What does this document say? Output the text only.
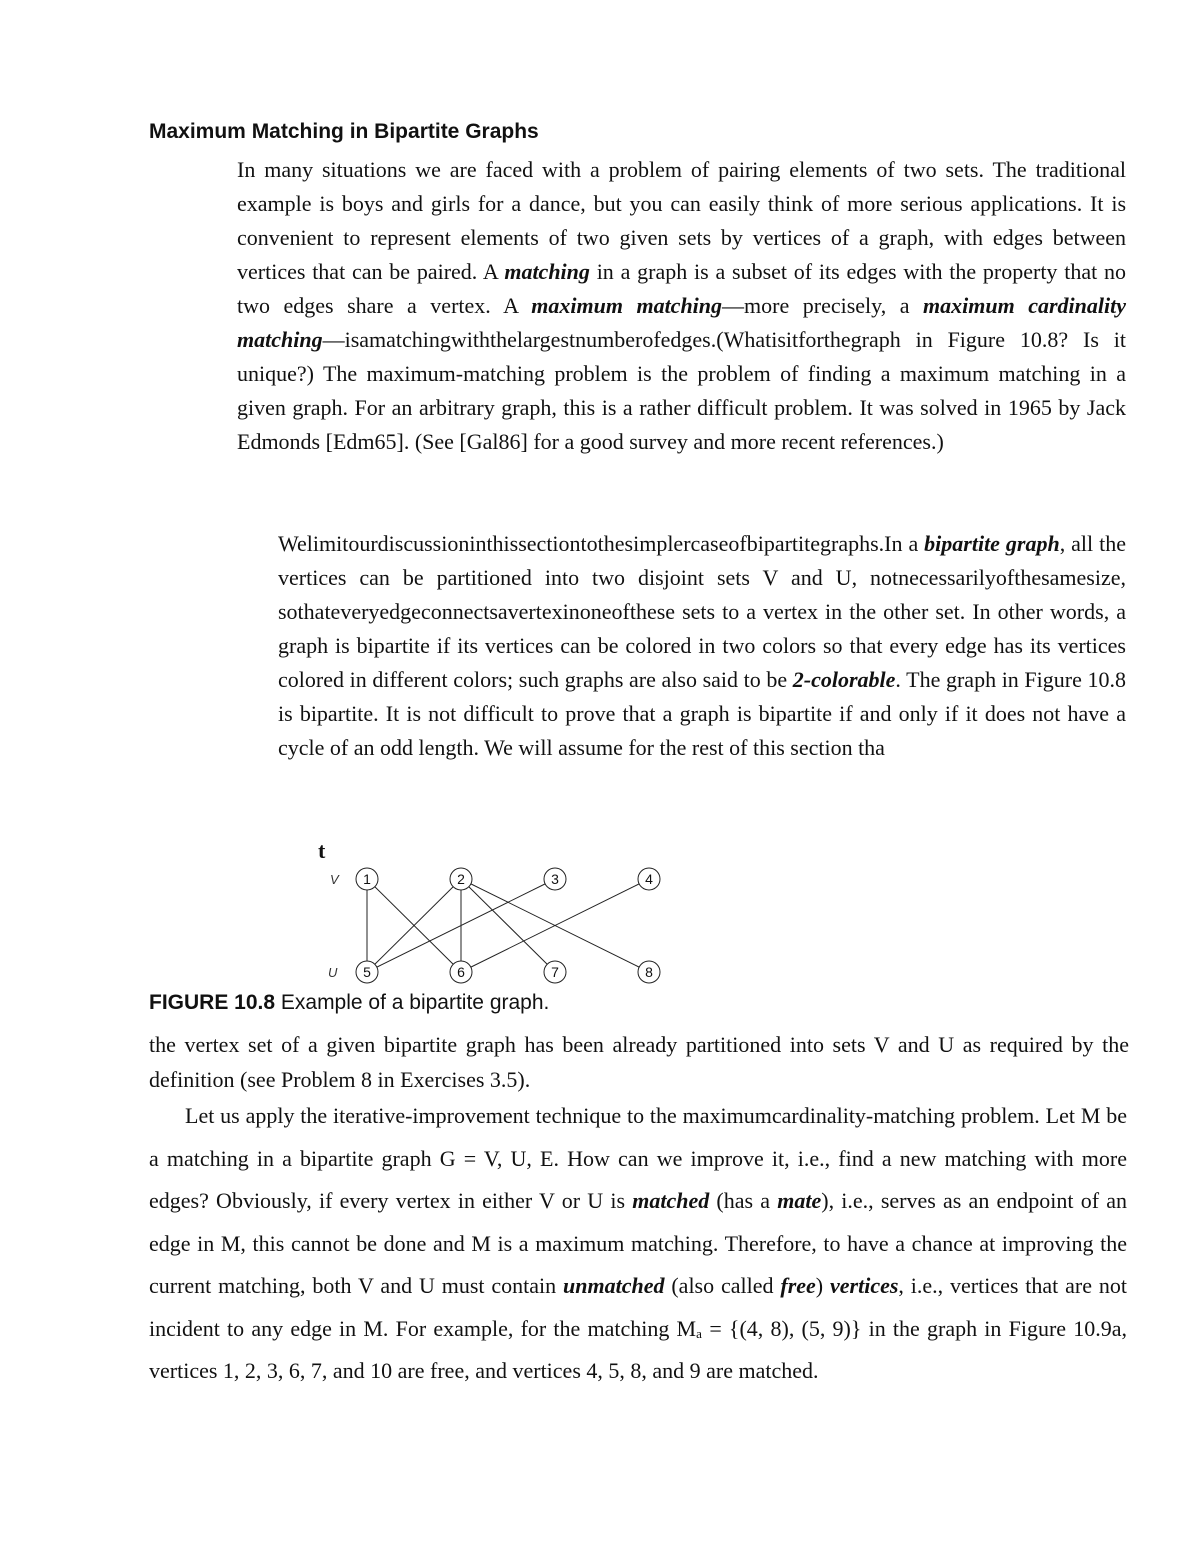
Maximum Matching in Bipartite Graphs
In many situations we are faced with a problem of pairing elements of two sets. The traditional example is boys and girls for a dance, but you can easily think of more serious applications. It is convenient to represent elements of two given sets by vertices of a graph, with edges between vertices that can be paired. A matching in a graph is a subset of its edges with the property that no two edges share a vertex. A maximum matching—more precisely, a maximum cardinality matching—isamatchingwiththelargestnumberofedges.(Whatisitforthegraph in Figure 10.8? Is it unique?) The maximum-matching problem is the problem of finding a maximum matching in a given graph. For an arbitrary graph, this is a rather difficult problem. It was solved in 1965 by Jack Edmonds [Edm65]. (See [Gal86] for a good survey and more recent references.)
Welimitourdiscussioninthissectiontothesimplercaseofbipartitegraphs.In a bipartite graph, all the vertices can be partitioned into two disjoint sets V and U, notnecessarilyofthesamesize, sothateveryedgeconnectsavertexinoneofthese sets to a vertex in the other set. In other words, a graph is bipartite if its vertices can be colored in two colors so that every edge has its vertices colored in different colors; such graphs are also said to be 2-colorable. The graph in Figure 10.8 is bipartite. It is not difficult to prove that a graph is bipartite if and only if it does not have a cycle of an odd length. We will assume for the rest of this section tha
t
V
U
1	2	3	4
5	6	7	8
FIGURE 10.8 Example of a bipartite graph.
the vertex set of a given bipartite graph has been already partitioned into sets V and U as required by the definition (see Problem 8 in Exercises 3.5).
Let us apply the iterative-improvement technique to the maximumcardinality-matching problem. Let M be a matching in a bipartite graph G = V, U, E. How can we improve it, i.e., find a new matching with more edges? Obviously, if every vertex in either V or U is matched (has a mate), i.e., serves as an endpoint of an edge in M, this cannot be done and M is a maximum matching. Therefore, to have a chance at improving the current matching, both V and U must contain unmatched (also called free) vertices, i.e., vertices that are not incident to any edge in M. For example, for the matching Mₐ = {(4, 8), (5, 9)} in the graph in Figure 10.9a, vertices 1, 2, 3, 6, 7, and 10 are free, and vertices 4, 5, 8, and 9 are matched.
